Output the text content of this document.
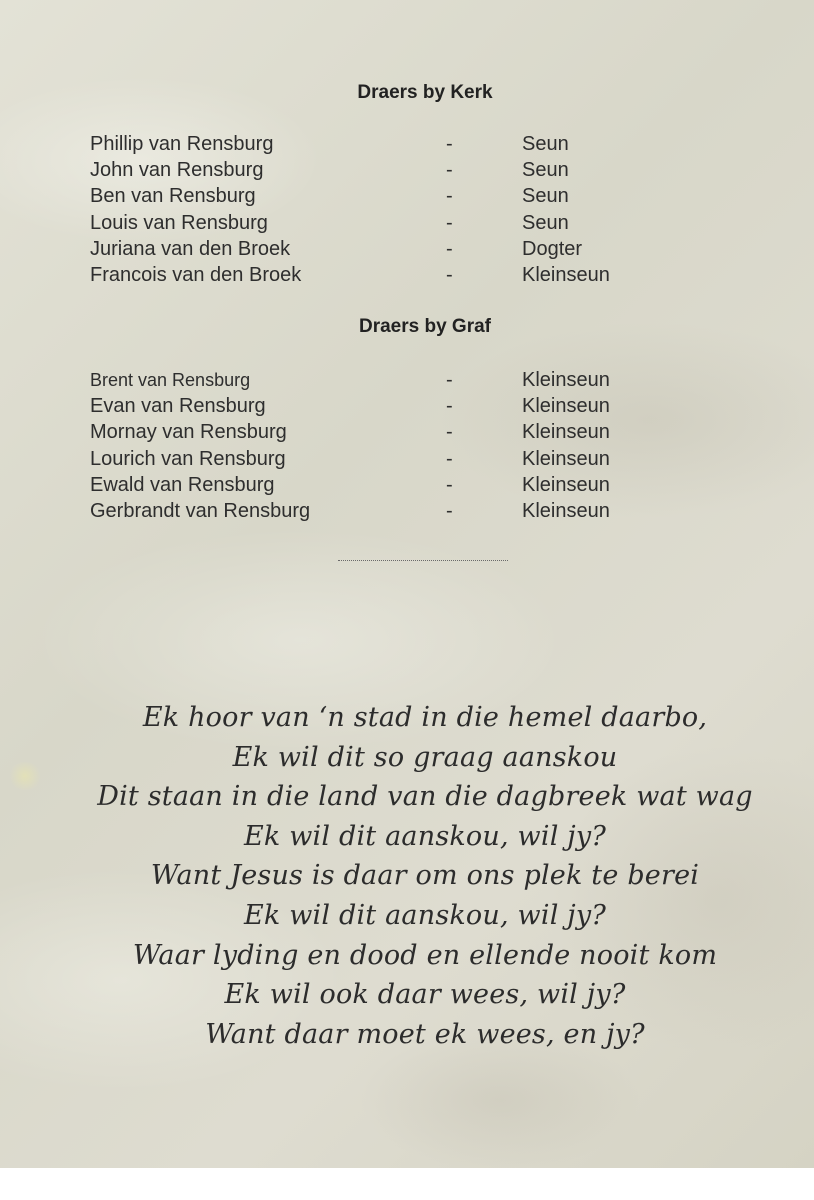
Draers by Kerk
Phillip van Rensburg	-	Seun
John van Rensburg	-	Seun
Ben van Rensburg	-	Seun
Louis van Rensburg	-	Seun
Juriana van den Broek	-	Dogter
Francois van den Broek	-	Kleinseun
Draers by Graf
Brent van Rensburg	-	Kleinseun
Evan van Rensburg	-	Kleinseun
Mornay van Rensburg	-	Kleinseun
Lourich van Rensburg	-	Kleinseun
Ewald van Rensburg	-	Kleinseun
Gerbrandt van Rensburg	-	Kleinseun
Ek hoor van ‘n stad in die hemel daarbo,
Ek wil dit so graag aanskou
Dit staan in die land van die dagbreek wat wag
Ek wil dit aanskou, wil jy?
Want Jesus is daar om ons plek te berei
Ek wil dit aanskou, wil jy?
Waar lyding en dood en ellende nooit kom
Ek wil ook daar wees, wil jy?
Want daar moet ek wees, en jy?
